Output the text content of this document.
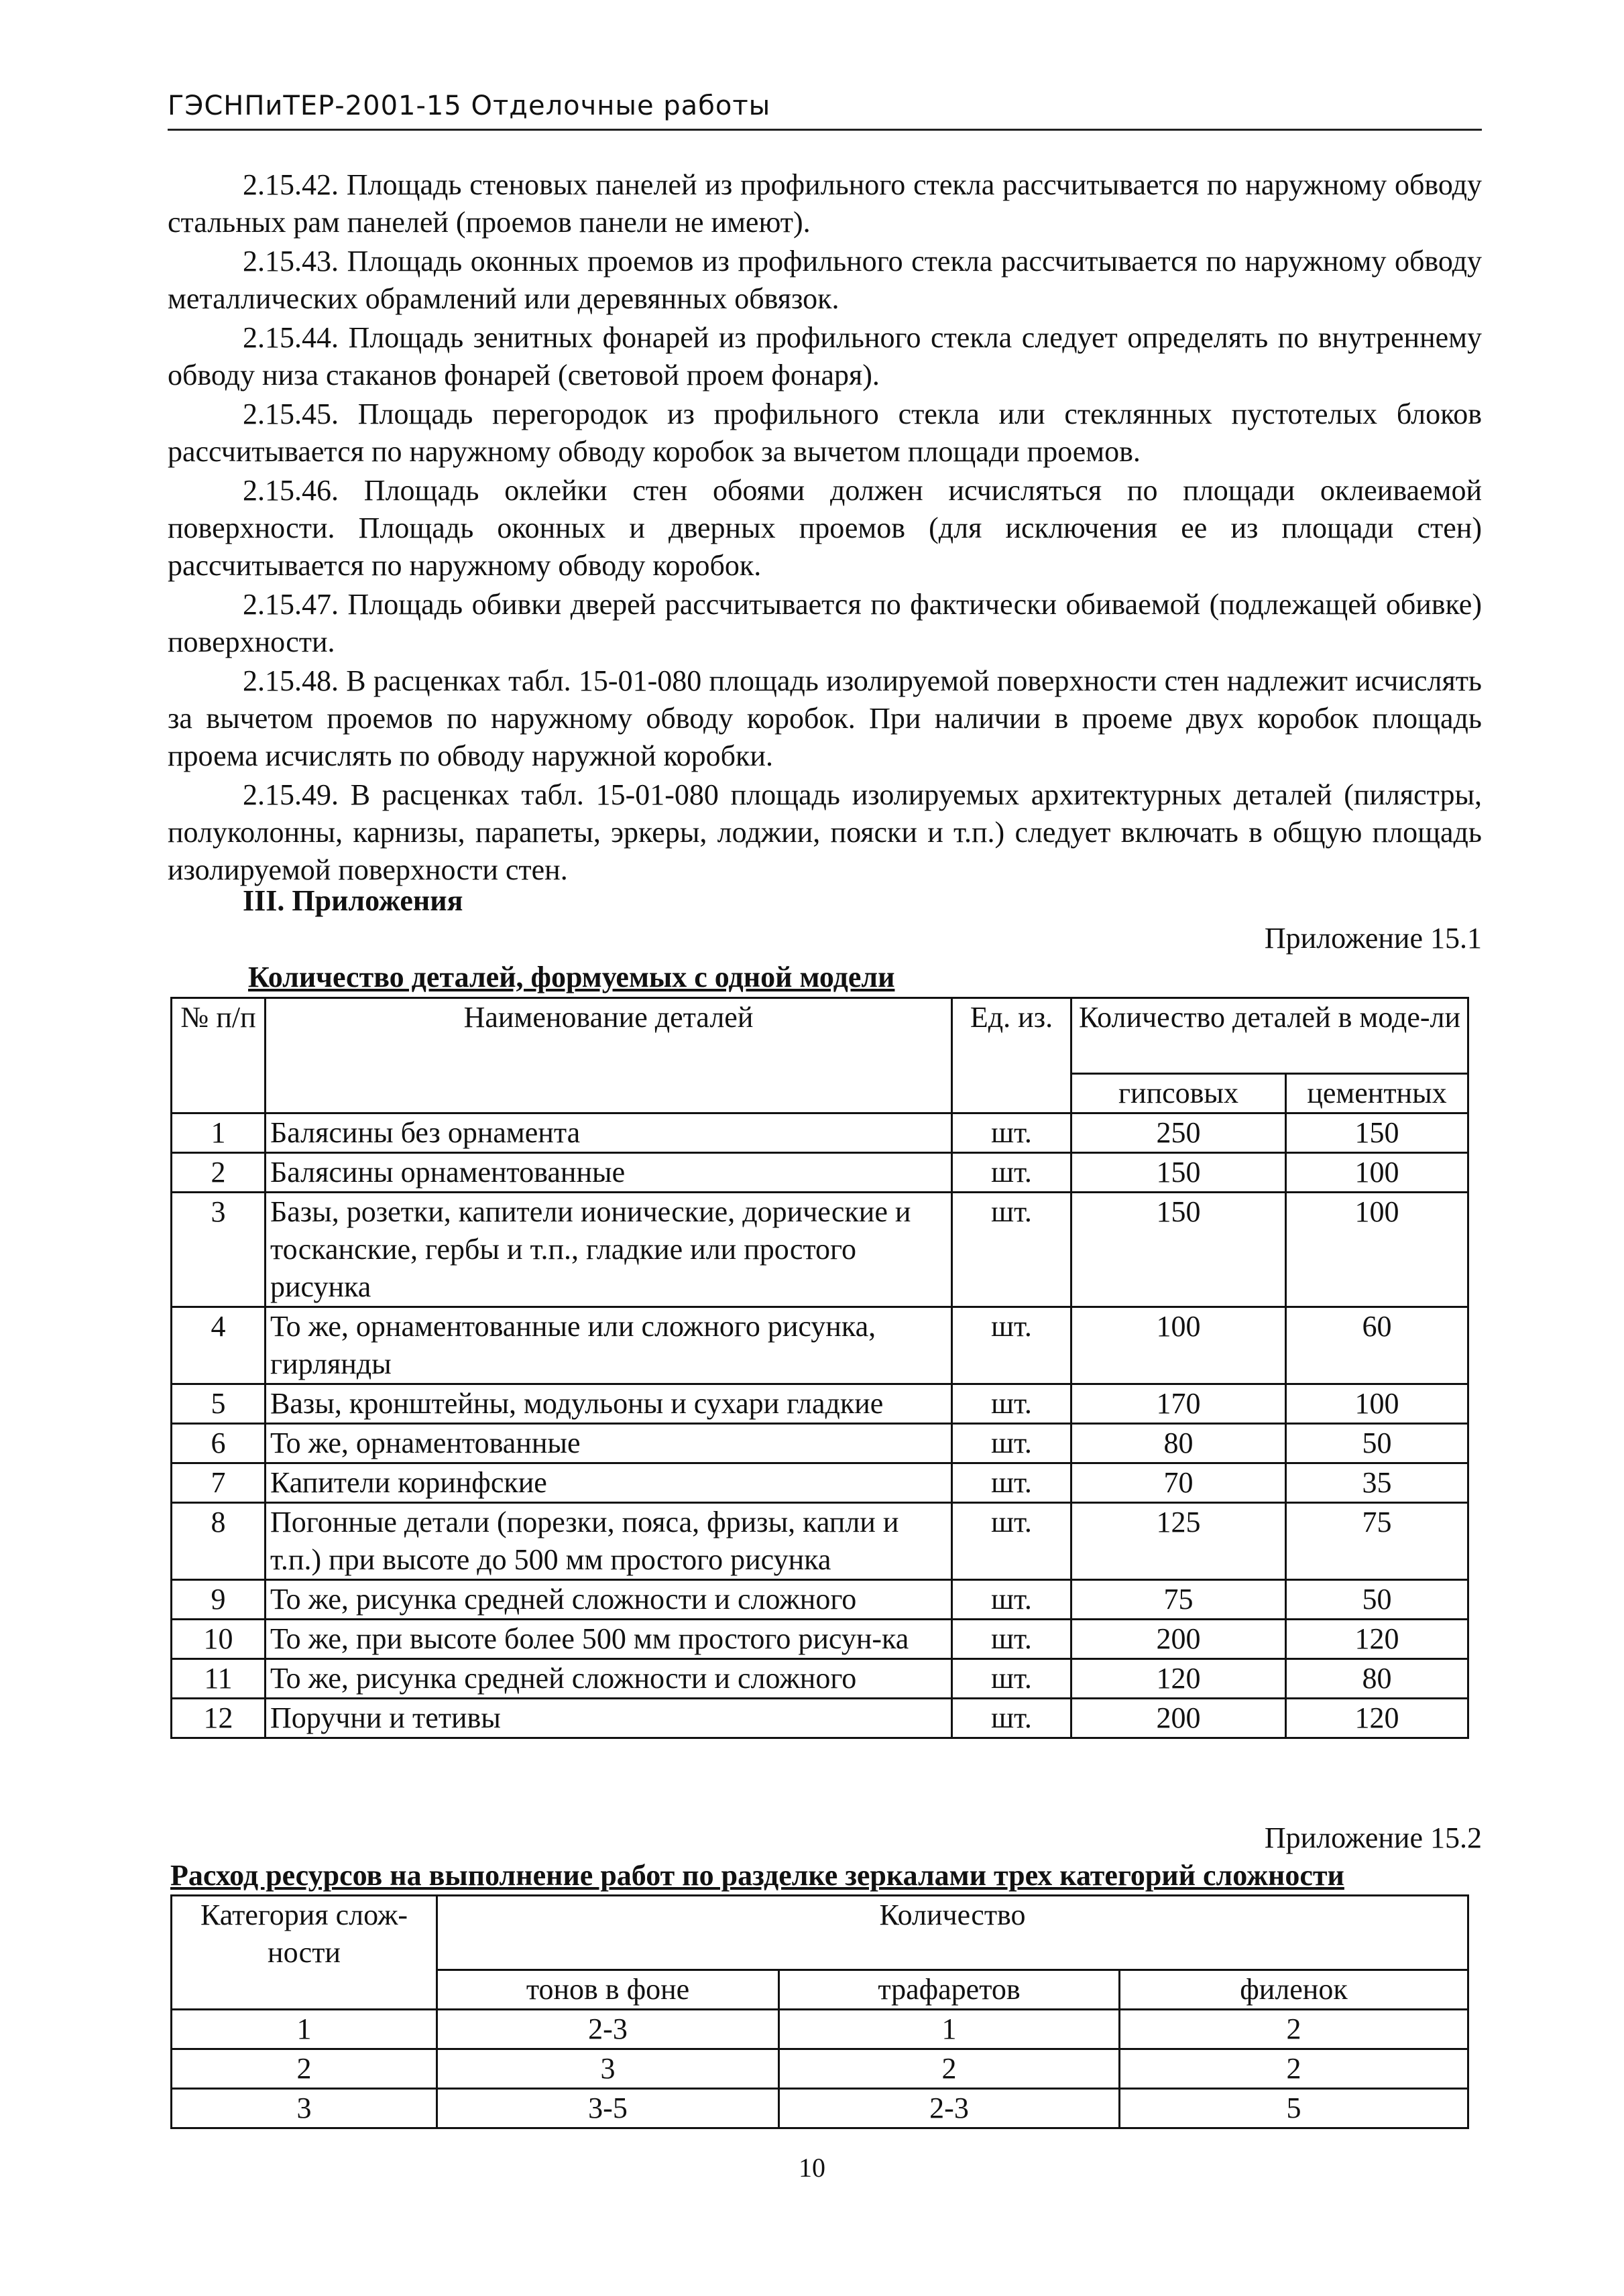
ГЭСНПиТЕР-2001-15 Отделочные работы

2.15.42. Площадь стеновых панелей из профильного стекла рассчитывается по наружному обводу стальных рам панелей (проемов панели не имеют).

2.15.43. Площадь оконных проемов из профильного стекла рассчитывается по наружному обводу металлических обрамлений или деревянных обвязок.

2.15.44. Площадь зенитных фонарей из профильного стекла следует определять по внутреннему обводу низа стаканов фонарей (световой проем фонаря).

2.15.45. Площадь перегородок из профильного стекла или стеклянных пустотелых блоков рассчитывается по наружному обводу коробок за вычетом площади проемов.

2.15.46. Площадь оклейки стен обоями должен исчисляться по площади оклеиваемой поверхности. Площадь оконных и дверных проемов (для исключения ее из площади стен) рассчитывается по наружному обводу коробок.

2.15.47. Площадь обивки дверей рассчитывается по фактически обиваемой (подлежащей обивке) поверхности.

2.15.48. В расценках табл. 15-01-080 площадь изолируемой поверхности стен надлежит исчислять за вычетом проемов по наружному обводу коробок. При наличии в проеме двух коробок площадь проема исчислять по обводу наружной коробки.

2.15.49. В расценках табл. 15-01-080 площадь изолируемых архитектурных деталей (пилястры, полуколонны, карнизы, парапеты, эркеры, лоджии, пояски и т.п.) следует включать в общую площадь изолируемой поверхности стен.

III. Приложения
Приложение 15.1
Количество деталей, формуемых с одной модели
№ п/п	Наименование деталей	Ед. из.	Количество деталей в моде-ли	
			гипсовых	цементных
1	Балясины без орнамента	шт.	250	150
2	Балясины орнаментованные	шт.	150	100
3	Базы, розетки, капители ионические, дорические и тосканские, гербы и т.п., гладкие или простого рисунка	шт.	150	100
4	То же, орнаментованные или сложного рисунка, гирлянды	шт.	100	60
5	Вазы, кронштейны, модульоны и сухари гладкие	шт.	170	100
6	То же, орнаментованные	шт.	80	50
7	Капители коринфские	шт.	70	35
8	Погонные детали (порезки, пояса, фризы, капли и т.п.) при высоте до 500 мм простого рисунка	шт.	125	75
9	То же, рисунка средней сложности и сложного	шт.	75	50
10	То же, при высоте более 500 мм простого рисун-ка	шт.	200	120
11	То же, рисунка средней сложности и сложного	шт.	120	80
12	Поручни и тетивы	шт.	200	120
Приложение 15.2
Расход ресурсов на выполнение работ по разделке зеркалами трех категорий сложности
Категория слож-ности	Количество		
	тонов в фоне	трафаретов	филенок
1	2-3	1	2
2	3	2	2
3	3-5	2-3	5
10
